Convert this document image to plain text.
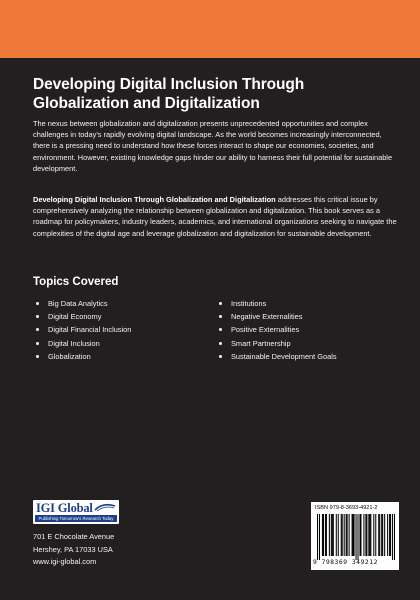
Developing Digital Inclusion Through
Globalization and Digitalization

The nexus between globalization and digitalization presents unprecedented opportunities and complex challenges in today’s rapidly evolving digital landscape. As the world becomes increasingly interconnected, there is a pressing need to understand how these forces interact to shape our economies, societies, and environment. However, existing knowledge gaps hinder our ability to harness their full potential for sustainable development.

Developing Digital Inclusion Through Globalization and Digitalization addresses this critical issue by comprehensively analyzing the relationship between globalization and digitalization. This book serves as a roadmap for policymakers, industry leaders, academics, and international organizations seeking to navigate the complexities of the digital age and leverage globalization and digitalization for sustainable development.

Topics Covered
Big Data Analytics
Digital Economy
Digital Financial Inclusion
Digital Inclusion
Globalization
Institutions
Negative Externalities
Positive Externalities
Smart Partnership
Sustainable Development Goals
IGI Global
Publishing Tomorrow's Research Today
701 E Chocolate Avenue
Hershey, PA 17033 USA
www.igi-global.com
ISBN 979-8-3693-4921-2
9 798369 349212
